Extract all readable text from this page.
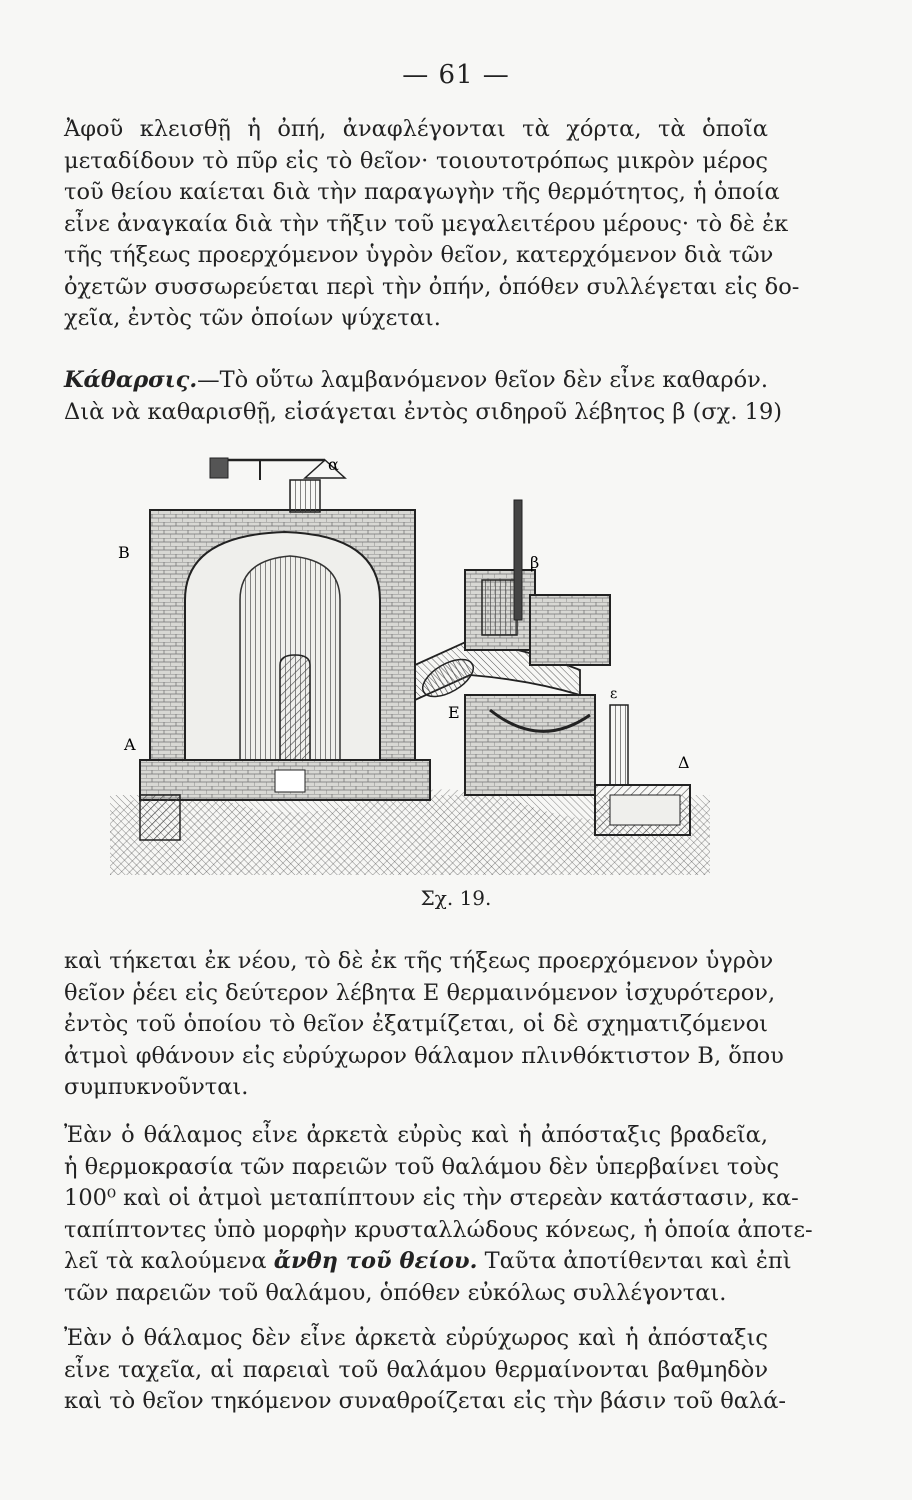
— 61 —

Ἀφοῦ κλεισθῇ ἡ ὀπή, ἀναφλέγονται τὰ χόρτα, τὰ ὁποῖα
μεταδίδουν τὸ πῦρ εἰς τὸ θεῖον· τοιουτοτρόπως μικρὸν μέρος
τοῦ θείου καίεται διὰ τὴν παραγωγὴν τῆς θερμότητος, ἡ ὁποία
εἶνε ἀναγκαία διὰ τὴν τῆξιν τοῦ μεγαλειτέρου μέρους· τὸ δὲ ἐκ
τῆς τήξεως προερχόμενον ὑγρὸν θεῖον, κατερχόμενον διὰ τῶν
ὀχετῶν συσσωρεύεται περὶ τὴν ὀπήν, ὁπόθεν συλλέγεται εἰς δο-
χεῖα, ἐντὸς τῶν ὁποίων ψύχεται.

Κάθαρσις.—Τὸ οὕτω λαμβανόμενον θεῖον δὲν εἶνε καθαρόν.
Διὰ νὰ καθαρισθῇ, εἰσάγεται ἐντὸς σιδηροῦ λέβητος β (σχ. 19)

α
Β
β
Α
Ε
ε
Δ
Σχ. 19.

καὶ τήκεται ἐκ νέου, τὸ δὲ ἐκ τῆς τήξεως προερχόμενον ὑγρὸν
θεῖον ῥέει εἰς δεύτερον λέβητα Ε θερμαινόμενον ἰσχυρότερον,
ἐντὸς τοῦ ὁποίου τὸ θεῖον ἐξατμίζεται, οἱ δὲ σχηματιζόμενοι
ἀτμοὶ φθάνουν εἰς εὐρύχωρον θάλαμον πλινθόκτιστον Β, ὅπου
συμπυκνοῦνται.

Ἐὰν ὁ θάλαμος εἶνε ἀρκετὰ εὐρὺς καὶ ἡ ἀπόσταξις βραδεῖα,
ἡ θερμοκρασία τῶν παρειῶν τοῦ θαλάμου δὲν ὑπερβαίνει τοὺς
100⁰ καὶ οἱ ἀτμοὶ μεταπίπτουν εἰς τὴν στερεὰν κατάστασιν, κα-
ταπίπτοντες ὑπὸ μορφὴν κρυσταλλώδους κόνεως, ἡ ὁποία ἀποτε-
λεῖ τὰ καλούμενα ἄνθη τοῦ θείου. Ταῦτα ἀποτίθενται καὶ ἐπὶ
τῶν παρειῶν τοῦ θαλάμου, ὁπόθεν εὐκόλως συλλέγονται.

Ἐὰν ὁ θάλαμος δὲν εἶνε ἀρκετὰ εὐρύχωρος καὶ ἡ ἀπόσταξις
εἶνε ταχεῖα, αἱ παρειαὶ τοῦ θαλάμου θερμαίνονται βαθμηδὸν
καὶ τὸ θεῖον τηκόμενον συναθροίζεται εἰς τὴν βάσιν τοῦ θαλά-
